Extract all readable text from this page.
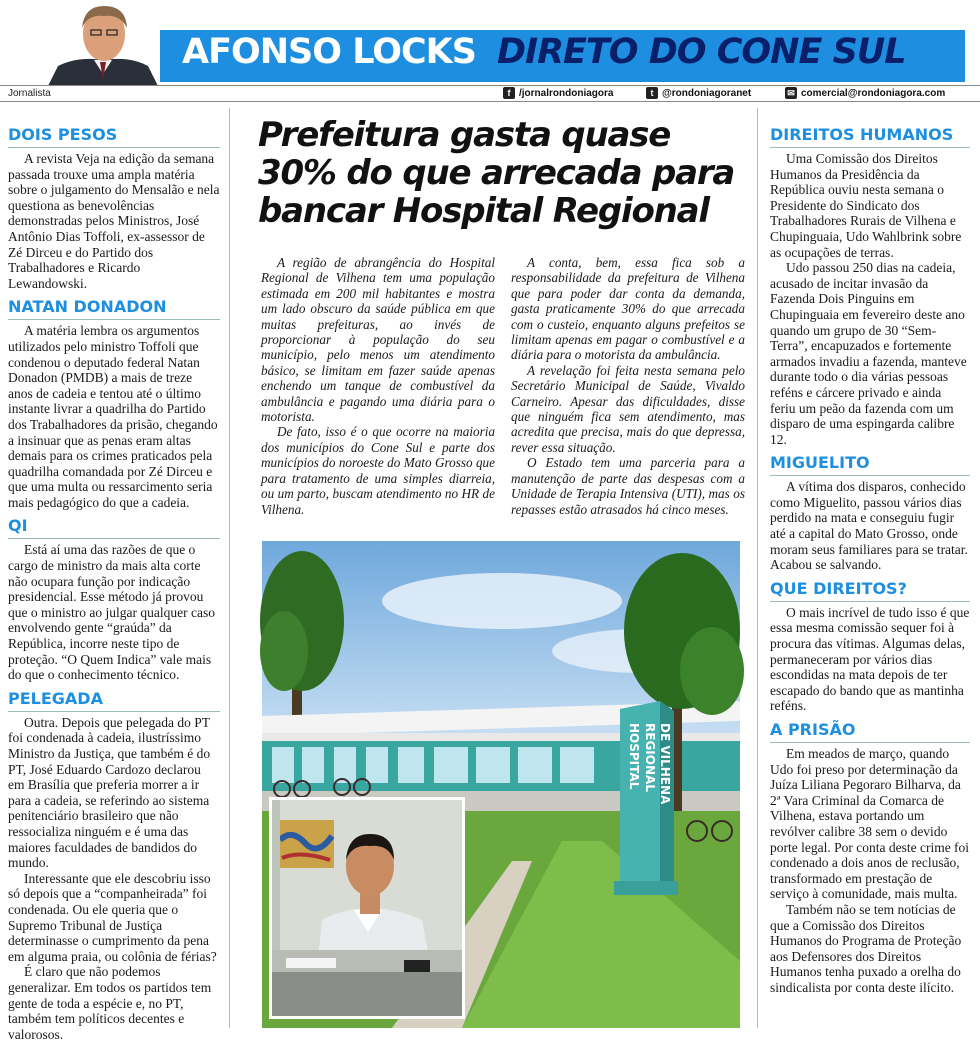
AFONSO LOCKS DIRETO DO CONE SUL
Jornalista	f /jornalrondoniagora	t @rondoniagoranet	✉ comercial@rondoniagora.com
DOIS PESOS

A revista Veja na edição da semana passada trouxe uma ampla matéria sobre o julgamento do Mensalão e nela questiona as benevolências demonstradas pelos Ministros, José Antônio Dias Toffoli, ex-assessor de Zé Dirceu e do Partido dos Trabalhadores e Ricardo Lewandowski.

NATAN DONADON

A matéria lembra os argumentos utilizados pelo ministro Toffoli que condenou o deputado federal Natan Donadon (PMDB) a mais de treze anos de cadeia e tentou até o último instante livrar a quadrilha do Partido dos Trabalhadores da prisão, chegando a insinuar que as penas eram altas demais para os crimes praticados pela quadrilha comandada por Zé Dirceu e que uma multa ou ressarcimento seria mais pedagógico do que a cadeia.

QI

Está aí uma das razões de que o cargo de ministro da mais alta corte não ocupara função por indicação presidencial. Esse método já provou que o ministro ao julgar qualquer caso envolvendo gente “graúda” da República, incorre neste tipo de proteção. “O Quem Indica” vale mais do que o conhecimento técnico.

PELEGADA

Outra. Depois que pelegada do PT foi condenada à cadeia, ilustríssimo Ministro da Justiça, que também é do PT, José Eduardo Cardozo declarou em Brasília que preferia morrer a ir para a cadeia, se referindo ao sistema penitenciário brasileiro que não ressocializa ninguém e é uma das maiores faculdades de bandidos do mundo.

Interessante que ele descobriu isso só depois que a “companheirada” foi condenada. Ou ele queria que o Supremo Tribunal de Justiça determinasse o cumprimento da pena em alguma praia, ou colônia de férias?

É claro que não podemos generalizar. Em todos os partidos tem gente de toda a espécie e, no PT, também tem políticos decentes e valorosos.

Prefeitura gasta quase 30% do que arrecada para bancar Hospital Regional

A região de abrangência do Hospital Regional de Vilhena tem uma população estimada em 200 mil habitantes e mostra um lado obscuro da saúde pública em que muitas prefeituras, ao invés de proporcionar à população do seu município, pelo menos um atendimento básico, se limitam em fazer saúde apenas enchendo um tanque de combustível da ambulância e pagando uma diária para o motorista.

De fato, isso é o que ocorre na maioria dos municípios do Cone Sul e parte dos municípios do noroeste do Mato Grosso que para tratamento de uma simples diarreia, ou um parto, buscam atendimento no HR de Vilhena.

A conta, bem, essa fica sob a responsabilidade da prefeitura de Vilhena que para poder dar conta da demanda, gasta praticamente 30% do que arrecada com o custeio, enquanto alguns prefeitos se limitam apenas em pagar o combustível e a diária para o motorista da ambulância.

A revelação foi feita nesta semana pelo Secretário Municipal de Saúde, Vivaldo Carneiro. Apesar das dificuldades, disse que ninguém fica sem atendimento, mas acredita que precisa, mais do que depressa, rever essa situação.

O Estado tem uma parceria para a manutenção de parte das despesas com a Unidade de Terapia Intensiva (UTI), mas os repasses estão atrasados há cinco meses.

HOSPITAL REGIONAL DE VILHENA
DIREITOS HUMANOS

Uma Comissão dos Direitos Humanos da Presidência da República ouviu nesta semana o Presidente do Sindicato dos Trabalhadores Rurais de Vilhena e Chupinguaia, Udo Wahlbrink sobre as ocupações de terras.

Udo passou 250 dias na cadeia, acusado de incitar invasão da Fazenda Dois Pinguins em Chupinguaia em fevereiro deste ano quando um grupo de 30 “Sem-Terra”, encapuzados e fortemente armados invadiu a fazenda, manteve durante todo o dia várias pessoas reféns e cárcere privado e ainda feriu um peão da fazenda com um disparo de uma espingarda calibre 12.

MIGUELITO

A vítima dos disparos, conhecido como Miguelito, passou vários dias perdido na mata e conseguiu fugir até a capital do Mato Grosso, onde moram seus familiares para se tratar. Acabou se salvando.

QUE DIREITOS?

O mais incrível de tudo isso é que essa mesma comissão sequer foi à procura das vítimas. Algumas delas, permaneceram por vários dias escondidas na mata depois de ter escapado do bando que as mantinha reféns.

A PRISÃO

Em meados de março, quando Udo foi preso por determinação da Juíza Liliana Pegoraro Bilharva, da 2ª Vara Criminal da Comarca de Vilhena, estava portando um revólver calibre 38 sem o devido porte legal. Por conta deste crime foi condenado a dois anos de reclusão, transformado em prestação de serviço à comunidade, mais multa.

Também não se tem notícias de que a Comissão dos Direitos Humanos do Programa de Proteção aos Defensores dos Direitos Humanos tenha puxado a orelha do sindicalista por conta deste ilícito.
